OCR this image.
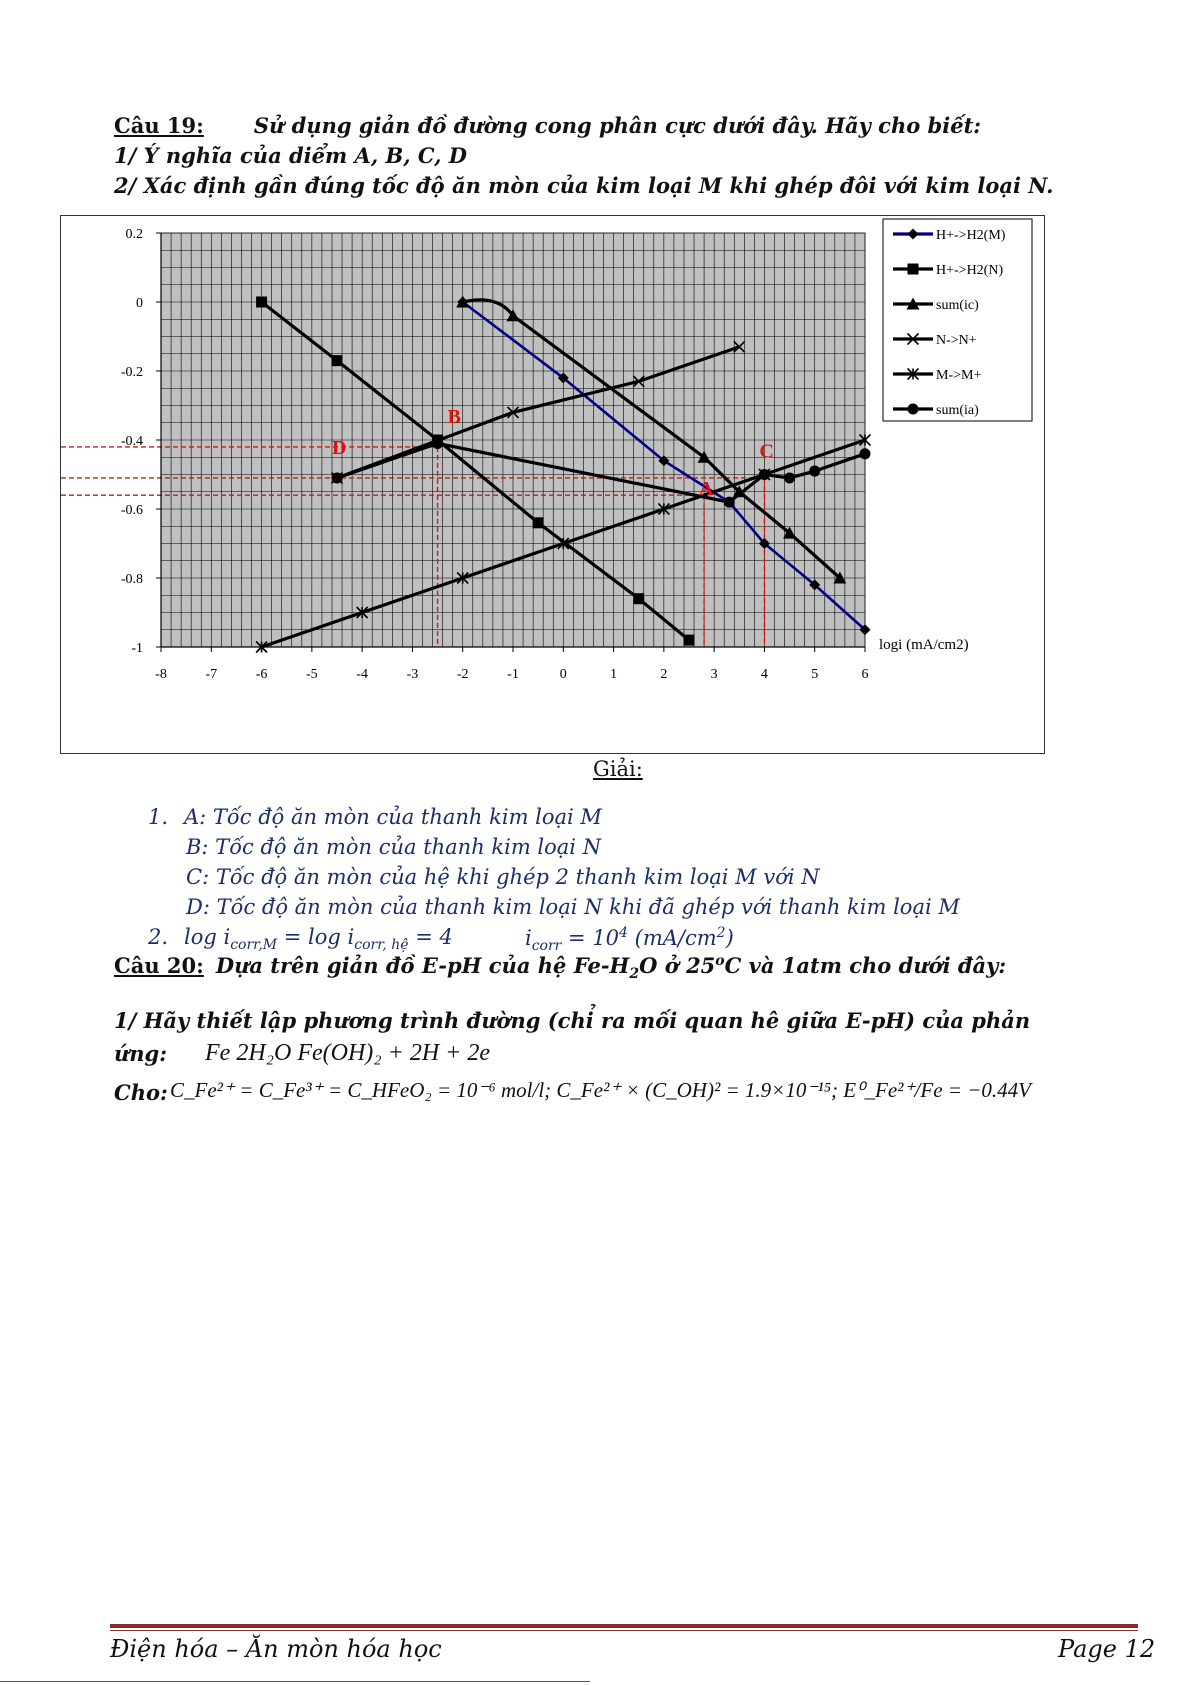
Câu 19: Sử dụng giản đồ đường cong phân cực dưới đây. Hãy cho biết:
1/ Ý nghĩa của diểm A, B, C, D
2/ Xác định gần đúng tốc độ ăn mòn của kim loại M khi ghép đôi với kim loại N.
0.2
0
-0.2
-0.4
-0.6
-0.8
-1
-8	-7	-6	-5	-4	-3	-2	-1	0	1	2	3	4	5	6
logi (mA/cm2)
A
B
C
D
H+->H2(M)
H+->H2(N)
sum(ic)
N->N+
M->M+
sum(ia)
Giải:
1. A: Tốc độ ăn mòn của thanh kim loại M
B: Tốc độ ăn mòn của thanh kim loại N
C: Tốc độ ăn mòn của hệ khi ghép 2 thanh kim loại M với N
D: Tốc độ ăn mòn của thanh kim loại N khi đã ghép với thanh kim loại M
2. $\log i_{corr,M} = \log i_{corr, hệ} = 4$	$i_{corr} = 10^4$ $(mA/cm^2)$
Câu 20: Dựa trên giản đồ E-pH của hệ $Fe-H_2O$ ở 25$^o$C và 1atm cho dưới đây:
1/ Hãy thiết lập phương trình đường (chỉ ra mối quan hê giữa E-pH) của phản
ứng: Fe 2H₂O Fe(OH)₂ + 2H + 2e
Cho: C_Fe²⁺ = C_Fe³⁺ = C_HFeO₂ = 10⁻⁶ mol/l; C_Fe²⁺ × (C_OH)² = 1.9×10⁻¹⁵; E⁰_Fe²⁺/Fe = −0.44V
Điện hóa – Ăn mòn hóa học	Page 12
